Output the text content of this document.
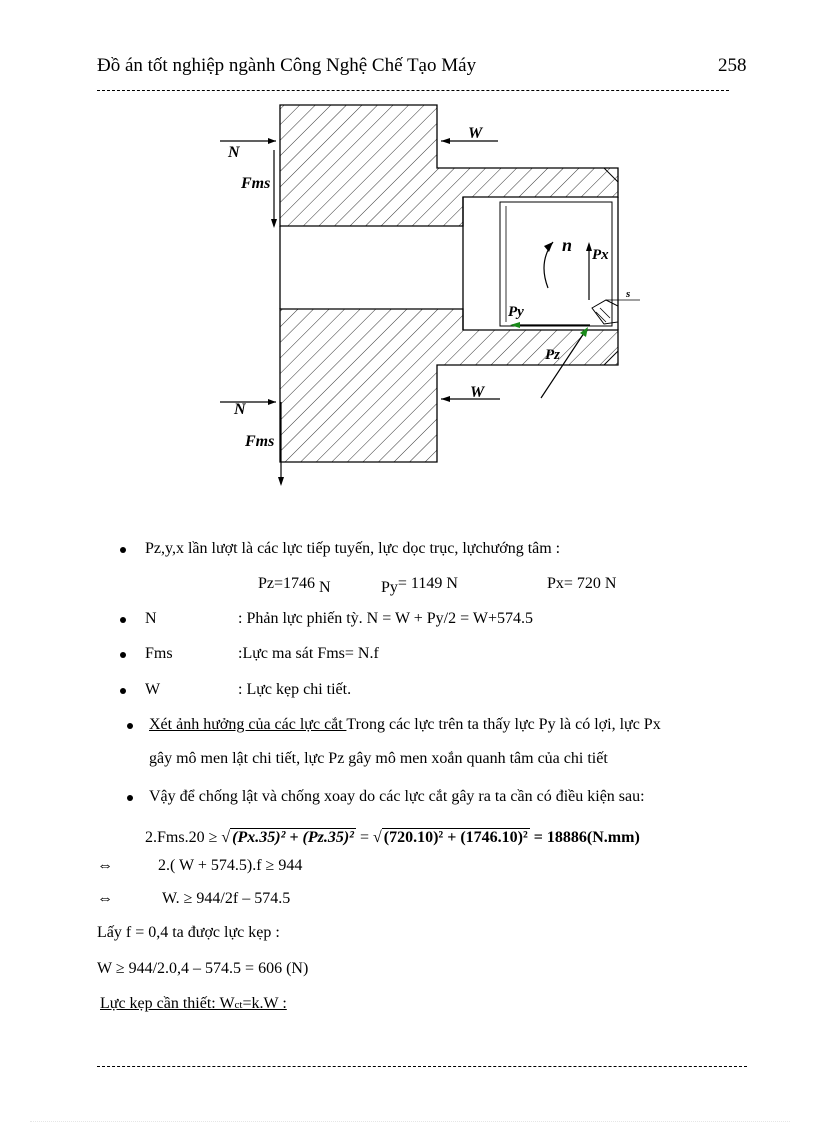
Đồ án tốt nghiệp ngành Công Nghệ Chế Tạo Máy	258
N
Fms
W
N
Fms
W
n Px
Py
Pz
s
Pz,y,x lần lượt là các lực tiếp tuyến, lực dọc trục, lựchướng tâm :
Pz=1746 N	Py= 1149 N	Px= 720 N
N	: Phản lực phiến tỳ. N = W + Py/2 = W+574.5
Fms	:Lực ma sát Fms= N.f
W	: Lực kẹp chi tiết.
Xét ảnh hưởng của các lực cắt Trong các lực trên ta thấy lực Py là có lợi, lực Px
gây mô men lật chi tiết, lực Pz gây mô men xoắn quanh tâm của chi tiết
Vậy để chống lật và chống xoay do các lực cắt gây ra ta cần có điều kiện sau:
2.Fms.20 ≥ √ (Px.35)² + (Pz.35)² = √ (720.10)² + (1746.10)² = 18886(N.mm)
⇔	2.( W + 574.5).f ≥ 944
⇔	W. ≥ 944/2f – 574.5
Lấy f = 0,4 ta được lực kẹp :
W ≥ 944/2.0,4 – 574.5 = 606 (N)
Lực kẹp cần thiết: Wct=k.W :
